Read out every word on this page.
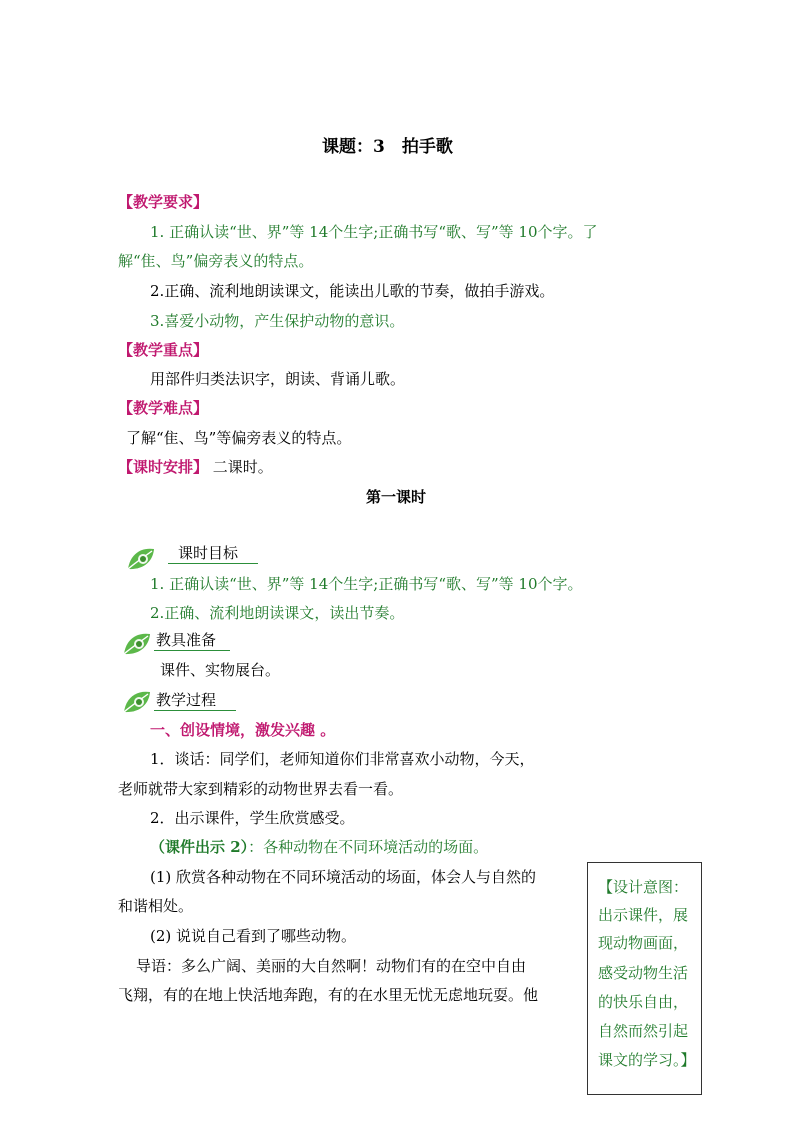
课题：3　拍手歌
【教学要求】
1. 正确认读“世、界”等 14个生字;正确书写“歌、写”等 10个字。了
解“隹、鸟”偏旁表义的特点。
2.正确、流利地朗读课文，能读出儿歌的节奏，做拍手游戏。
3.喜爱小动物，产生保护动物的意识。
【教学重点】
用部件归类法识字，朗读、背诵儿歌。
【教学难点】
了解“隹、鸟”等偏旁表义的特点。
【课时安排】 二课时。
第一课时
课时目标
1. 正确认读“世、界”等 14个生字;正确书写“歌、写”等 10个字。
2.正确、流利地朗读课文，读出节奏。
教具准备
课件、实物展台。
教学过程
一、创设情境，激发兴趣 。
1．谈话：同学们，老师知道你们非常喜欢小动物，今天，
老师就带大家到精彩的动物世界去看一看。
2．出示课件，学生欣赏感受。
（课件出示 2）：各种动物在不同环境活动的场面。
(1) 欣赏各种动物在不同环境活动的场面，体会人与自然的
和谐相处。
(2) 说说自己看到了哪些动物。
导语：多么广阔、美丽的大自然啊！动物们有的在空中自由
飞翔，有的在地上快活地奔跑，有的在水里无忧无虑地玩耍。他
【设计意图：
出示课件，展
现动物画面，
感受动物生活
的快乐自由，
自然而然引起
课文的学习。】
